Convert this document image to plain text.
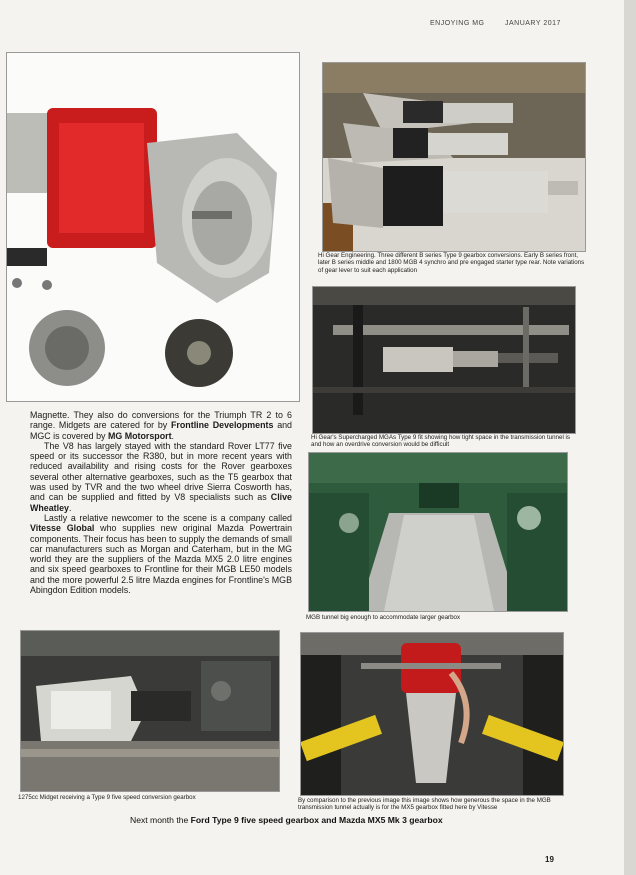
ENJOYING MG	JANUARY 2017
Hi Gear Engineering. Three different B series Type 9 gearbox conversions. Early B series front, later B series middle and 1800 MGB 4 synchro and pre engaged starter type rear. Note variations of gear lever to suit each application
Hi Gear's Supercharged MGAs Type 9 fit showing how tight space in the transmission tunnel is and how an overdrive conversion would be difficult
MGB tunnel big enough to accommodate larger gearbox

Magnette. They also do conversions for the Triumph TR 2 to 6 range. Midgets are catered for by Frontline Developments and MGC is covered by MG Motorsport.

The V8 has largely stayed with the standard Rover LT77 five speed or its successor the R380, but in more recent years with reduced availability and rising costs for the Rover gearboxes several other alternative gearboxes, such as the T5 gearbox that was used by TVR and the two wheel drive Sierra Cosworth has, and can be supplied and fitted by V8 specialists such as Clive Wheatley.

Lastly a relative newcomer to the scene is a company called Vitesse Global who supplies new original Mazda Powertrain components. Their focus has been to supply the demands of small car manufacturers such as Morgan and Caterham, but in the MG world they are the suppliers of the Mazda MX5 2.0 litre engines and six speed gearboxes to Frontline for their MGB LE50 models and the more powerful 2.5 litre Mazda engines for Frontline's MGB Abingdon Edition models.

1275cc Midget receiving a Type 9 five speed conversion gearbox	By comparison to the previous image this image shows how generous the space in the MGB transmission tunnel actually is for the MX5 gearbox fitted here by Vitesse
Next month the Ford Type 9 five speed gearbox and Mazda MX5 Mk 3 gearbox
19
